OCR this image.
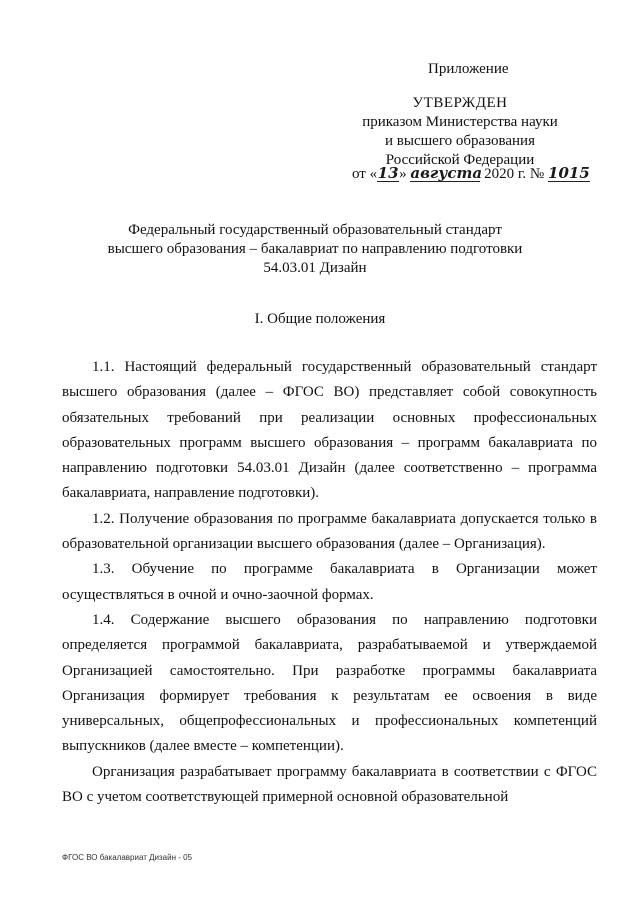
Приложение
УТВЕРЖДЕН
приказом Министерства науки
и высшего образования
Российской Федерации
от «13» августа 2020 г. № 1015
Федеральный государственный образовательный стандарт
высшего образования – бакалавриат по направлению подготовки
54.03.01 Дизайн
I. Общие положения

1.1. Настоящий федеральный государственный образовательный стандарт высшего образования (далее – ФГОС ВО) представляет собой совокупность обязательных требований при реализации основных профессиональных образовательных программ высшего образования – программ бакалавриата по направлению подготовки 54.03.01 Дизайн (далее соответственно – программа бакалавриата, направление подготовки).

1.2. Получение образования по программе бакалавриата допускается только в образовательной организации высшего образования (далее – Организация).

1.3. Обучение по программе бакалавриата в Организации может осуществляться в очной и очно-заочной формах.

1.4. Содержание высшего образования по направлению подготовки определяется программой бакалавриата, разрабатываемой и утверждаемой Организацией самостоятельно. При разработке программы бакалавриата Организация формирует требования к результатам ее освоения в виде универсальных, общепрофессиональных и профессиональных компетенций выпускников (далее вместе – компетенции).

Организация разрабатывает программу бакалавриата в соответствии с ФГОС ВО с учетом соответствующей примерной основной образовательной

ФГОС ВО бакалавриат Дизайн - 05
